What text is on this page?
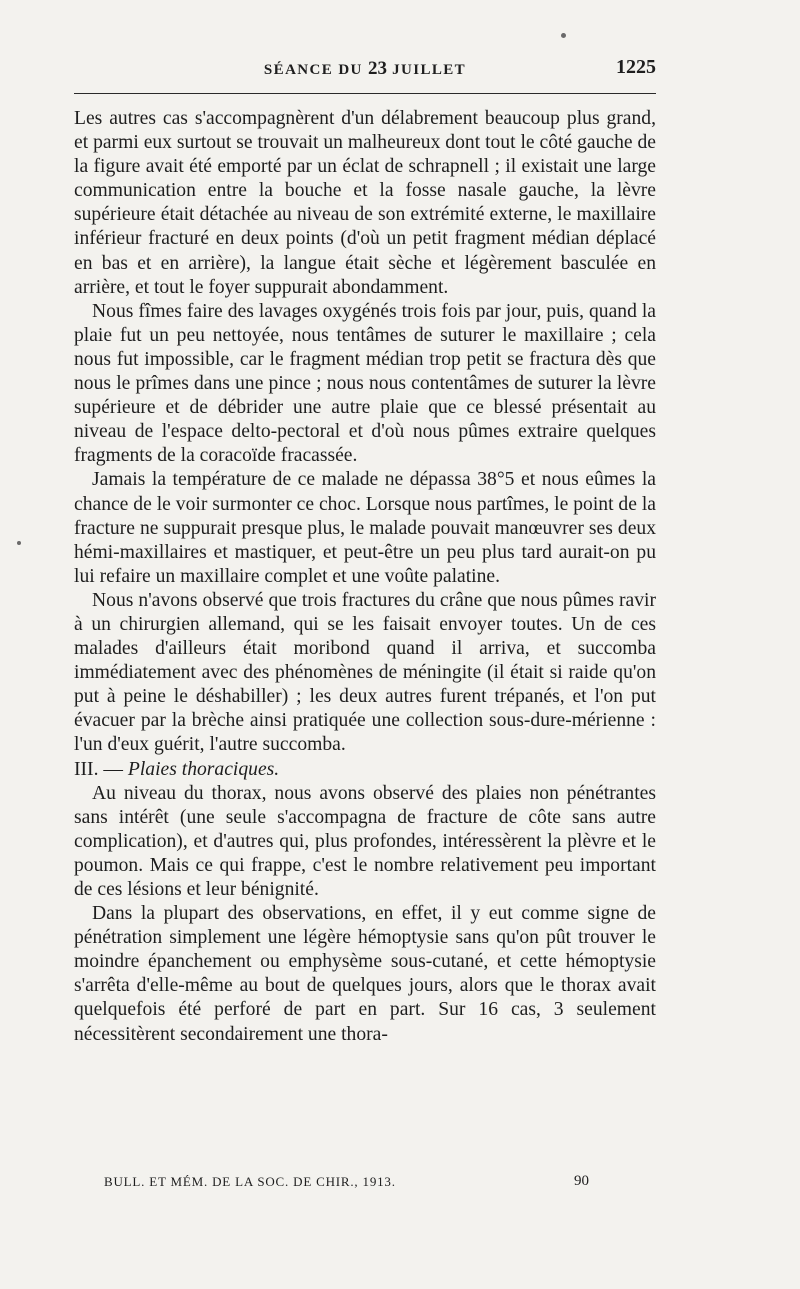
SÉANCE DU 23 JUILLET	1225

Les autres cas s'accompagnèrent d'un délabrement beaucoup plus grand, et parmi eux surtout se trouvait un malheureux dont tout le côté gauche de la figure avait été emporté par un éclat de schrapnell ; il existait une large communication entre la bouche et la fosse nasale gauche, la lèvre supérieure était détachée au niveau de son extrémité externe, le maxillaire inférieur fracturé en deux points (d'où un petit fragment médian déplacé en bas et en arrière), la langue était sèche et légèrement basculée en arrière, et tout le foyer suppurait abondamment.

Nous fîmes faire des lavages oxygénés trois fois par jour, puis, quand la plaie fut un peu nettoyée, nous tentâmes de suturer le maxillaire ; cela nous fut impossible, car le fragment médian trop petit se fractura dès que nous le prîmes dans une pince ; nous nous contentâmes de suturer la lèvre supérieure et de débrider une autre plaie que ce blessé présentait au niveau de l'espace delto-pectoral et d'où nous pûmes extraire quelques fragments de la coracoïde fracassée.

Jamais la température de ce malade ne dépassa 38°5 et nous eûmes la chance de le voir surmonter ce choc. Lorsque nous partîmes, le point de la fracture ne suppurait presque plus, le malade pouvait manœuvrer ses deux hémi-maxillaires et mastiquer, et peut-être un peu plus tard aurait-on pu lui refaire un maxillaire complet et une voûte palatine.

Nous n'avons observé que trois fractures du crâne que nous pûmes ravir à un chirurgien allemand, qui se les faisait envoyer toutes. Un de ces malades d'ailleurs était moribond quand il arriva, et succomba immédiatement avec des phénomènes de méningite (il était si raide qu'on put à peine le déshabiller) ; les deux autres furent trépanés, et l'on put évacuer par la brèche ainsi pratiquée une collection sous-dure-mérienne : l'un d'eux guérit, l'autre succomba.

III. — Plaies thoraciques.

Au niveau du thorax, nous avons observé des plaies non pénétrantes sans intérêt (une seule s'accompagna de fracture de côte sans autre complication), et d'autres qui, plus profondes, intéressèrent la plèvre et le poumon. Mais ce qui frappe, c'est le nombre relativement peu important de ces lésions et leur bénignité.

Dans la plupart des observations, en effet, il y eut comme signe de pénétration simplement une légère hémoptysie sans qu'on pût trouver le moindre épanchement ou emphysème sous-cutané, et cette hémoptysie s'arrêta d'elle-même au bout de quelques jours, alors que le thorax avait quelquefois été perforé de part en part. Sur 16 cas, 3 seulement nécessitèrent secondairement une thora-

BULL. ET MÉM. DE LA SOC. DE CHIR., 1913.	90
